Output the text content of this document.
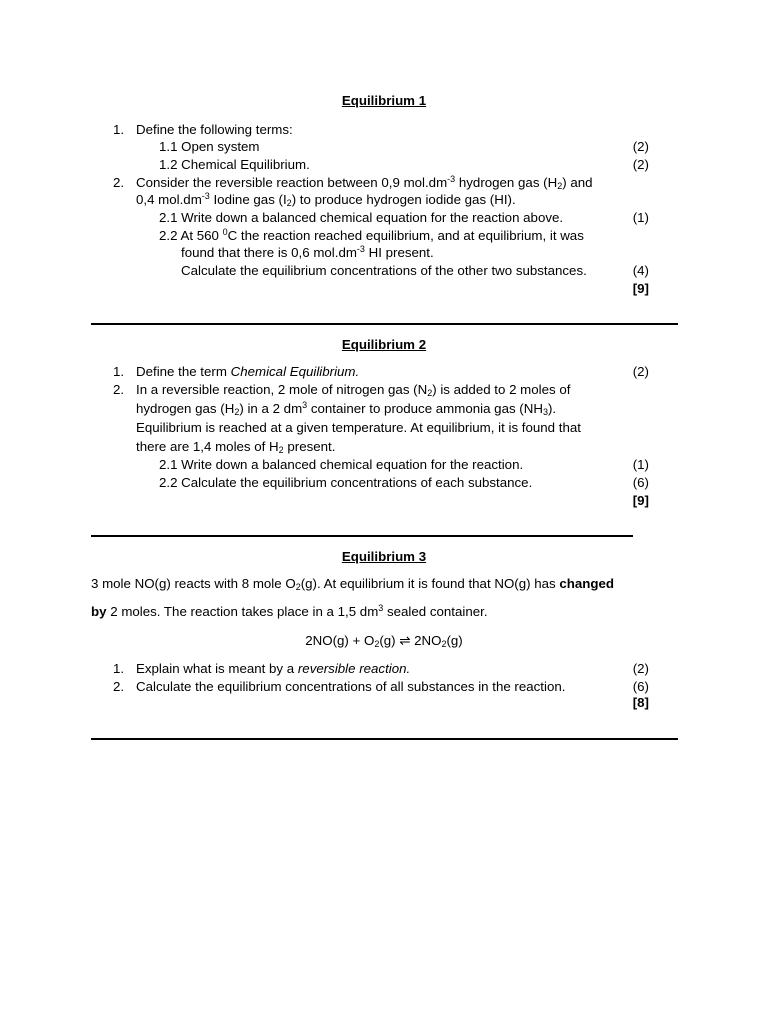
Equilibrium 1
1. Define the following terms:
1.1 Open system	(2)
1.2 Chemical Equilibrium.	(2)
2. Consider the reversible reaction between 0,9 $mol.dm^{-3}$ hydrogen gas $(H_2)$ and
0,4 $mol.dm^{-3}$ Iodine gas $(I_2)$ to produce hydrogen iodide gas (HI).
2.1 Write down a balanced chemical equation for the reaction above.	(1)
2.2 At 560 $^0$C the reaction reached equilibrium, and at equilibrium, it was
found that there is 0,6 $mol.dm^{-3}$ HI present.
Calculate the equilibrium concentrations of the other two substances.	(4)
[9]
Equilibrium 2
1. Define the term Chemical Equilibrium.	(2)
2. In a reversible reaction, 2 mole of nitrogen gas $(N_2)$ is added to 2 moles of
hydrogen gas $(H_2)$ in a 2 $dm^3$ container to produce ammonia gas $(NH_3)$.
Equilibrium is reached at a given temperature. At equilibrium, it is found that
there are 1,4 moles of $H_2$ present.
2.1 Write down a balanced chemical equation for the reaction.	(1)
2.2 Calculate the equilibrium concentrations of each substance.	(6)
[9]
Equilibrium 3
3 mole NO(g) reacts with 8 mole $O_2(g)$. At equilibrium it is found that NO(g) has changed
by 2 moles. The reaction takes place in a 1,5 $dm^3$ sealed container.
$2NO(g) + O_2(g)$ ⇌ $2NO_2(g)$
1. Explain what is meant by a reversible reaction.	(2)
2. Calculate the equilibrium concentrations of all substances in the reaction.	(6)
[8]
